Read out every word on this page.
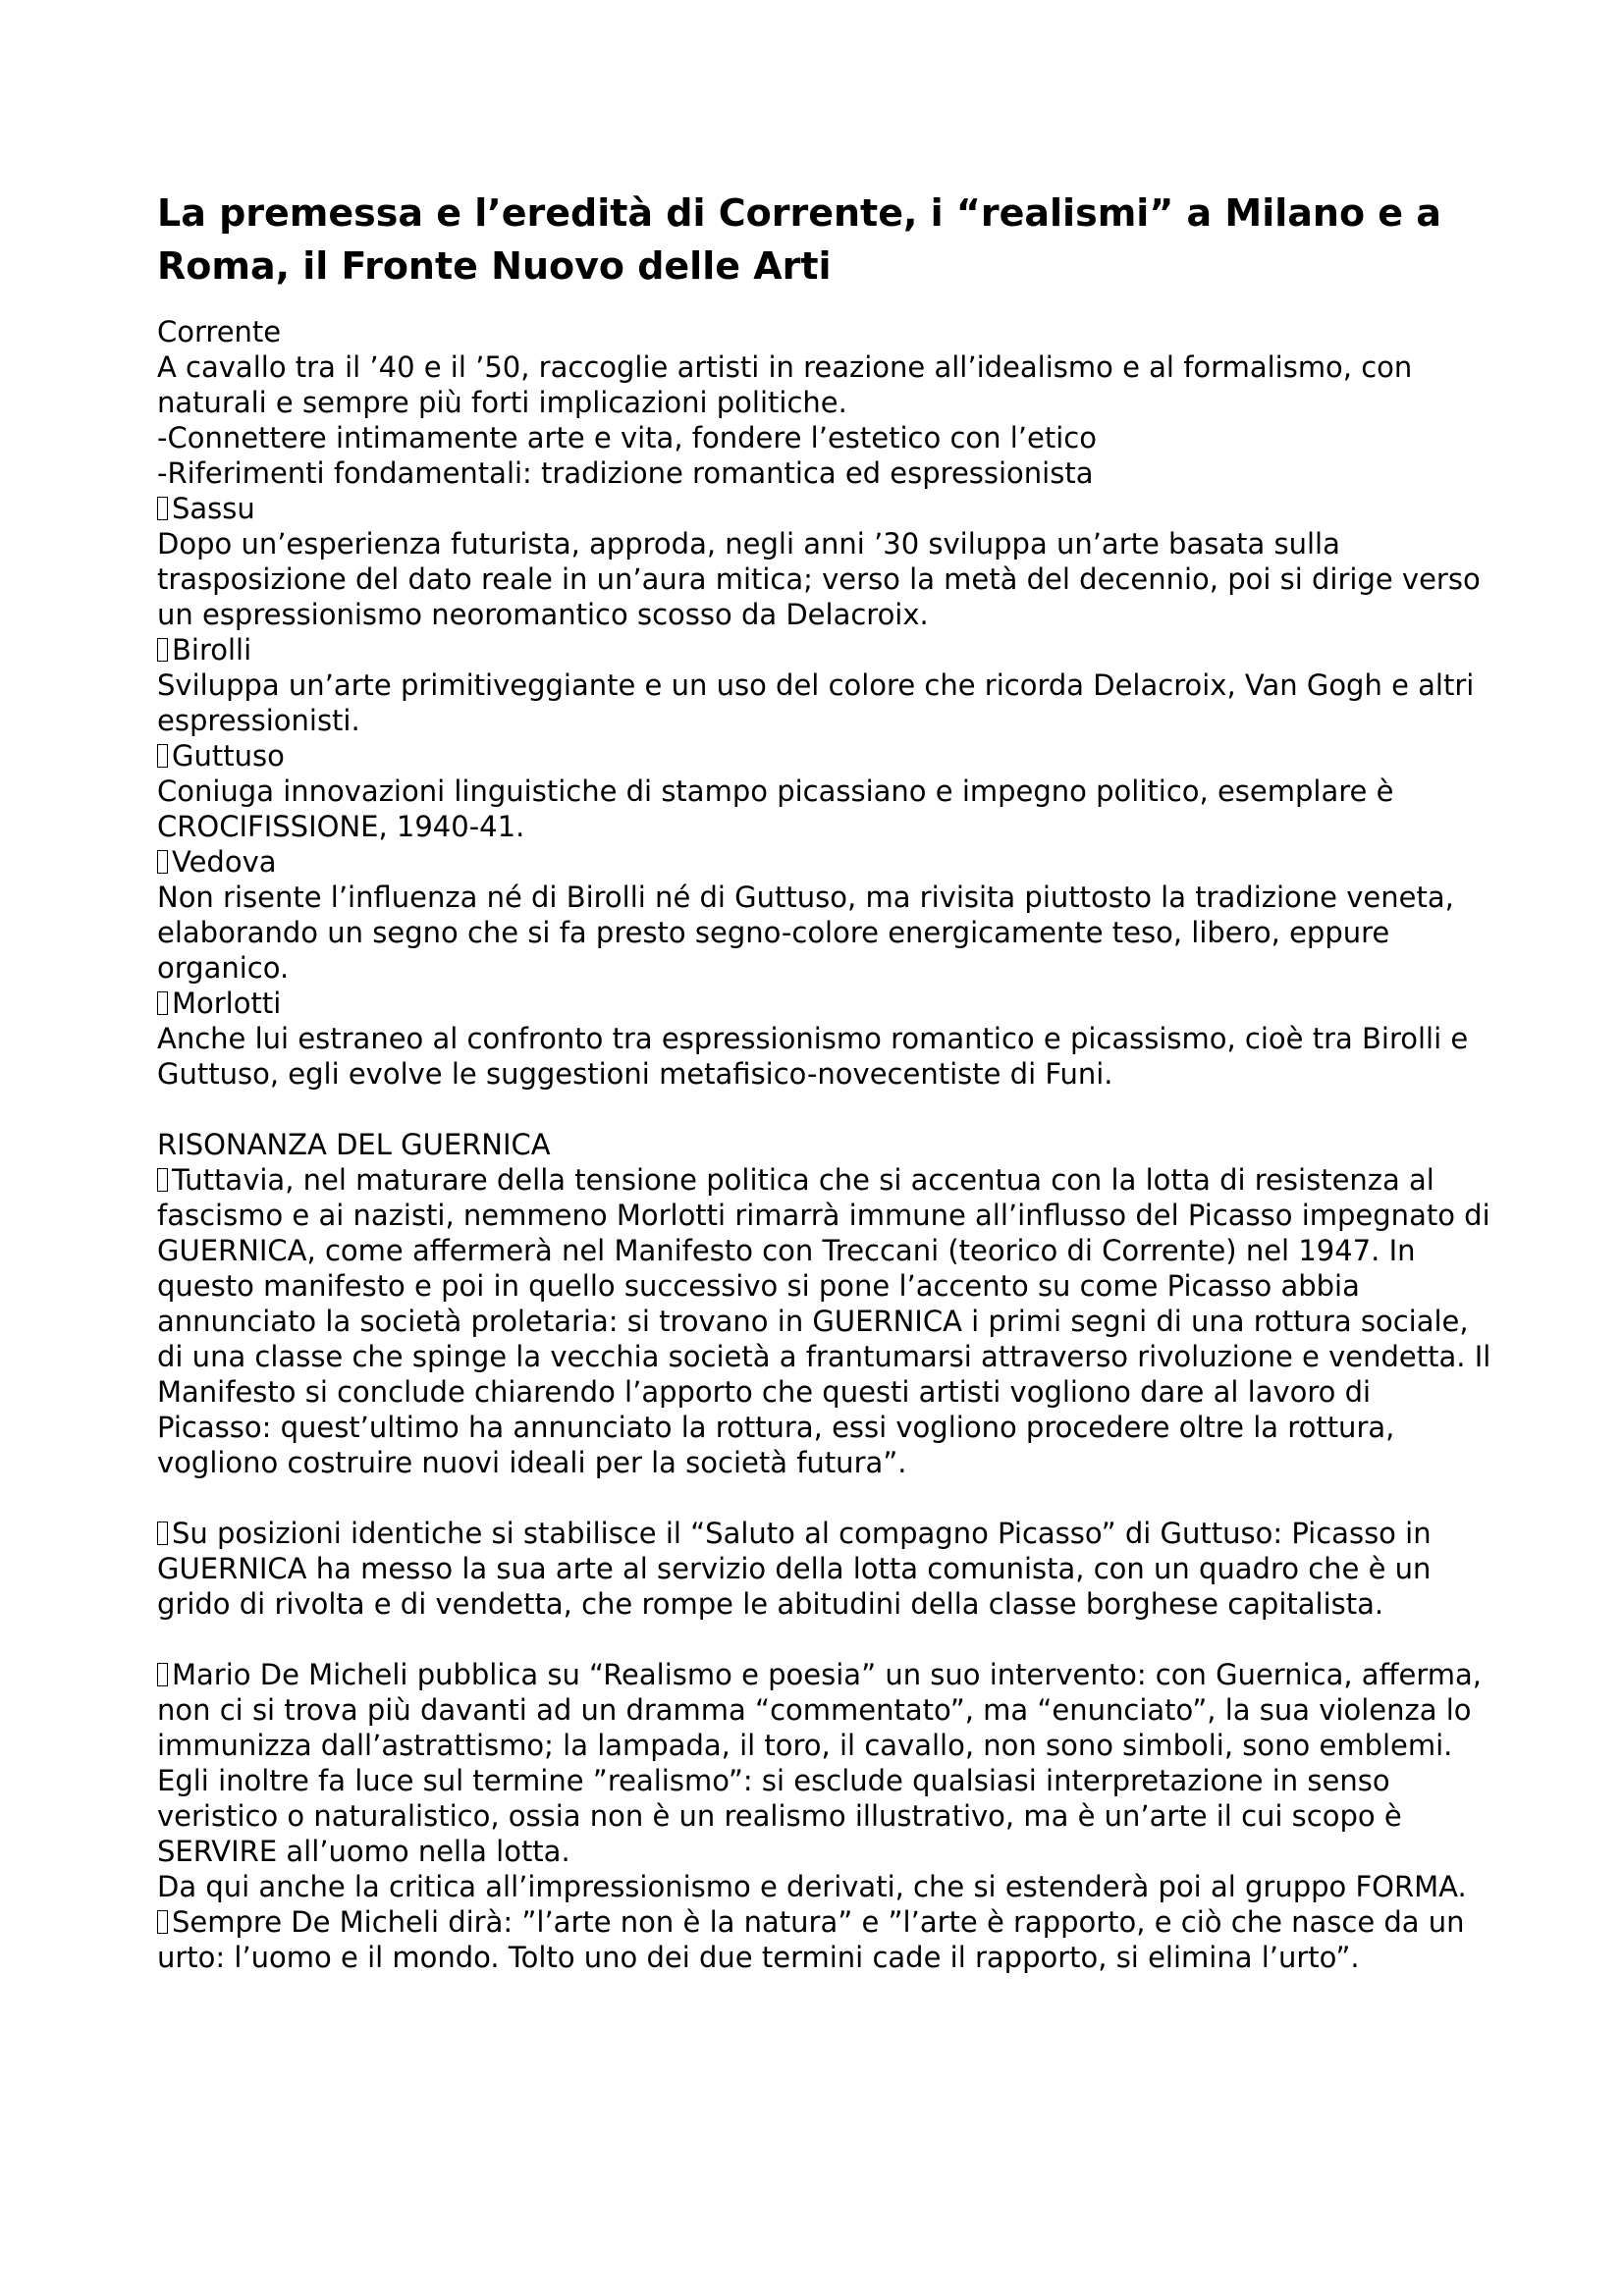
La premessa e l’eredità di Corrente, i “realismi” a Milano e a Roma, il Fronte Nuovo delle Arti

Corrente

A cavallo tra il ’40 e il ’50, raccoglie artisti in reazione all’idealismo e al formalismo, con naturali e sempre più forti implicazioni politiche.

-Connettere intimamente arte e vita, fondere l’estetico con l’etico

-Riferimenti fondamentali: tradizione romantica ed espressionista

Sassu

Dopo un’esperienza futurista, approda, negli anni ’30 sviluppa un’arte basata sulla trasposizione del dato reale in un’aura mitica; verso la metà del decennio, poi si dirige verso un espressionismo neoromantico scosso da Delacroix.

Birolli

Sviluppa un’arte primitiveggiante e un uso del colore che ricorda Delacroix, Van Gogh e altri espressionisti.

Guttuso

Coniuga innovazioni linguistiche di stampo picassiano e impegno politico, esemplare è CROCIFISSIONE, 1940-41.

Vedova

Non risente l’influenza né di Birolli né di Guttuso, ma rivisita piuttosto la tradizione veneta, elaborando un segno che si fa presto segno-colore energicamente teso, libero, eppure organico.

Morlotti

Anche lui estraneo al confronto tra espressionismo romantico e picassismo, cioè tra Birolli e Guttuso, egli evolve le suggestioni metafisico-novecentiste di Funi.

RISONANZA DEL GUERNICA

Tuttavia, nel maturare della tensione politica che si accentua con la lotta di resistenza al fascismo e ai nazisti, nemmeno Morlotti rimarrà immune all’influsso del Picasso impegnato di GUERNICA, come affermerà nel Manifesto con Treccani (teorico di Corrente) nel 1947. In questo manifesto e poi in quello successivo si pone l’accento su come Picasso abbia annunciato la società proletaria: si trovano in GUERNICA i primi segni di una rottura sociale, di una classe che spinge la vecchia società a frantumarsi attraverso rivoluzione e vendetta. Il Manifesto si conclude chiarendo l’apporto che questi artisti vogliono dare al lavoro di Picasso: quest’ultimo ha annunciato la rottura, essi vogliono procedere oltre la rottura, vogliono costruire nuovi ideali per la società futura”.

Su posizioni identiche si stabilisce il “Saluto al compagno Picasso” di Guttuso: Picasso in GUERNICA ha messo la sua arte al servizio della lotta comunista, con un quadro che è un grido di rivolta e di vendetta, che rompe le abitudini della classe borghese capitalista.

Mario De Micheli pubblica su “Realismo e poesia” un suo intervento: con Guernica, afferma, non ci si trova più davanti ad un dramma “commentato”, ma “enunciato”, la sua violenza lo immunizza dall’astrattismo; la lampada, il toro, il cavallo, non sono simboli, sono emblemi.

Egli inoltre fa luce sul termine ”realismo”: si esclude qualsiasi interpretazione in senso veristico o naturalistico, ossia non è un realismo illustrativo, ma è un’arte il cui scopo è SERVIRE all’uomo nella lotta.

Da qui anche la critica all’impressionismo e derivati, che si estenderà poi al gruppo FORMA.

Sempre De Micheli dirà: ”l’arte non è la natura” e ”l’arte è rapporto, e ciò che nasce da un urto: l’uomo e il mondo. Tolto uno dei due termini cade il rapporto, si elimina l’urto”.
